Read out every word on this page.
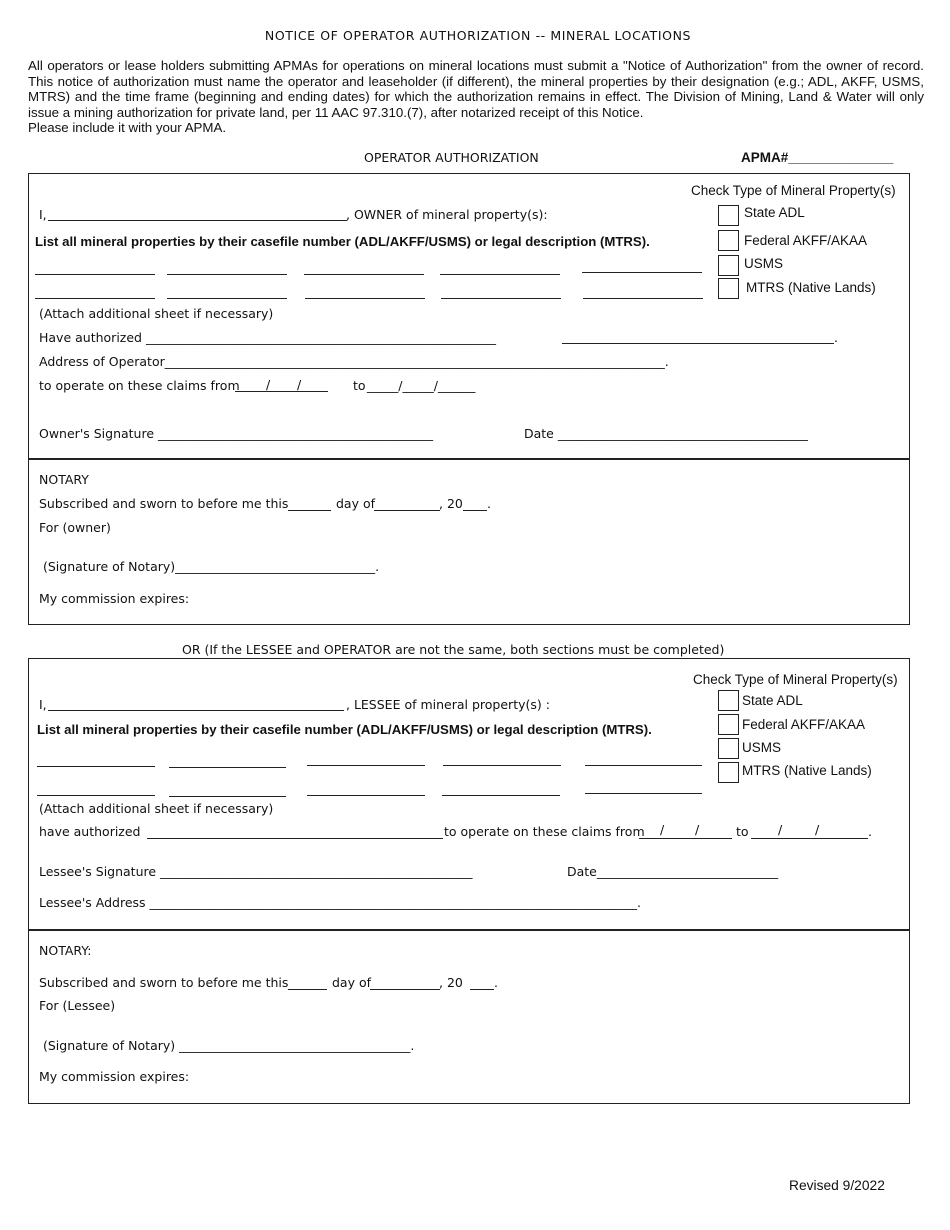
NOTICE OF OPERATOR AUTHORIZATION -- MINERAL LOCATIONS
All operators or lease holders submitting APMAs for operations on mineral locations must submit a "Notice of Authorization" from the owner of record. This notice of authorization must name the operator and leaseholder (if different), the mineral properties by their designation (e.g.; ADL, AKFF, USMS, MTRS) and the time frame (beginning and ending dates) for which the authorization remains in effect. The Division of Mining, Land & Water will only issue a mining authorization for private land, per 11 AAC 97.310.(7), after notarized receipt of this Notice.
Please include it with your APMA.
OPERATOR AUTHORIZATION	APMA#______________
Check Type of Mineral Property(s)
State ADL
Federal AKFF/AKAA
USMS
MTRS (Native Lands)
I,	, OWNER of mineral property(s):
List all mineral properties by their casefile number (ADL/AKFF/USMS) or legal description (MTRS).
(Attach additional sheet if necessary)
Have authorized ________________________________________________________	.
Address of Operator________________________________________________________________________________.
to operate on these claims from / /	to _____/_____/______
Owner's Signature ____________________________________________	Date ________________________________________
NOTARY
Subscribed and sworn to before me this	day of	, 20 .
For (owner)
(Signature of Notary)________________________________.
My commission expires:
OR (If the LESSEE and OPERATOR are not the same, both sections must be completed)
Check Type of Mineral Property(s)
State ADL
Federal AKFF/AKAA
USMS
MTRS (Native Lands)
I,	, LESSEE of mineral property(s) :
List all mineral properties by their casefile number (ADL/AKFF/USMS) or legal description (MTRS).
(Attach additional sheet if necessary)
have authorized	to operate on these claims from / /	to /	/	.
Lessee's Signature __________________________________________________	Date_____________________________
Lessee's Address ______________________________________________________________________________.
NOTARY:
Subscribed and sworn to before me this	day of	, 20 .
For (Lessee)
(Signature of Notary) _____________________________________.
My commission expires:
Revised 9/2022
